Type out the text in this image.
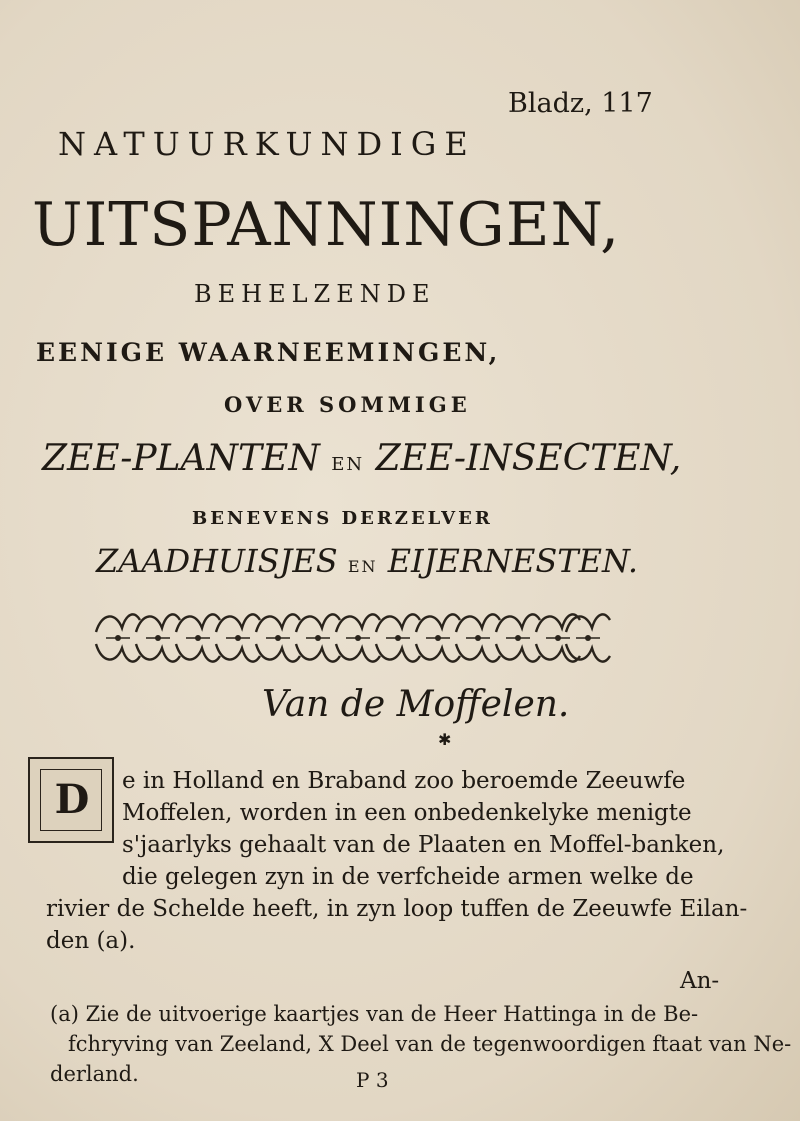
Bladz, 117
NATUURKUNDIGE
UITSPANNINGEN,
BEHELZENDE
EENIGE WAARNEEMINGEN,
OVER SOMMIGE
ZEE-PLANTEN EN ZEE-INSECTEN,
BENEVENS DERZELVER
ZAADHUISJES EN EIJERNESTEN.
Van de Moffelen.
✱
D	e in Holland en Braband zoo beroemde Zeeuwfe
Moffelen, worden in een onbedenkelyke menigte
s'jaarlyks gehaalt van de Plaaten en Moffel-banken,
die gelegen zyn in de verfcheide armen welke de
rivier de Schelde heeft, in zyn loop tuffen de Zeeuwfe Eilan-
den (a).
An-
(a) Zie de uitvoerige kaartjes van de Heer Hattinga in de Be-
fchryving van Zeeland, X Deel van de tegenwoordigen ftaat van Ne-
derland.	P 3
